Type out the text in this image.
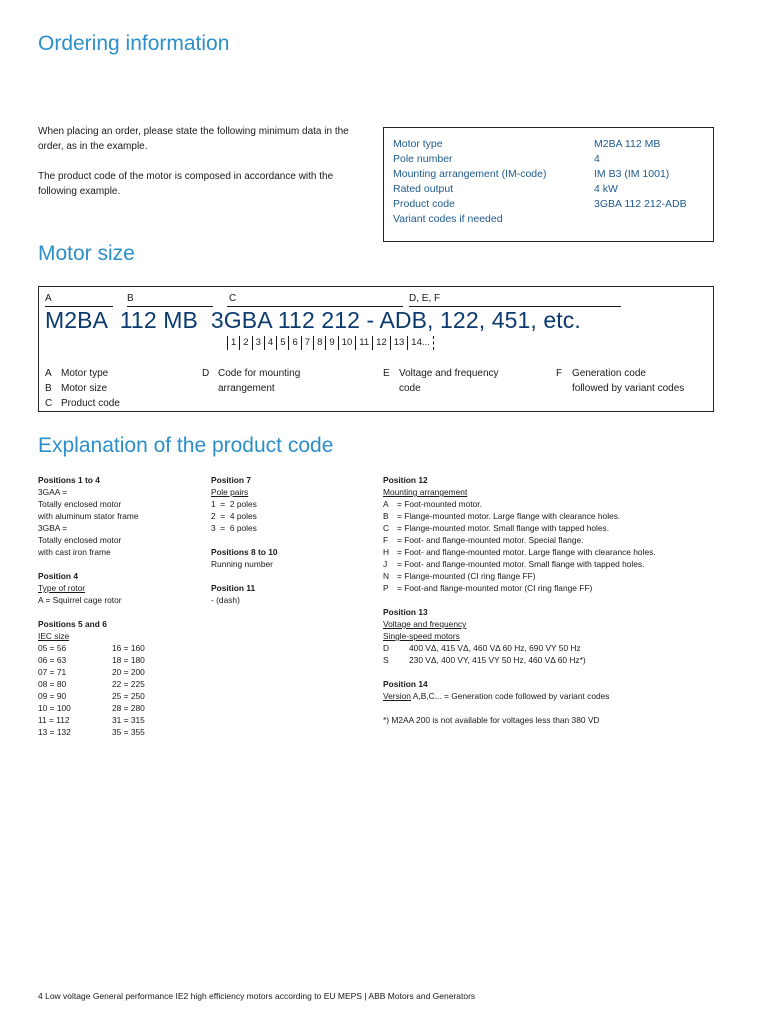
Ordering information

When placing an order, please state the following minimum data in the order, as in the example.

The product code of the motor is composed in accordance with the following example.

Motor type	M2BA 112 MB
Pole number	4
Mounting arrangement (IM-code)	IM B3 (IM 1001)
Rated output	4 kW
Product code	3GBA 112 212-ADB
Variant codes if needed
Motor size
A	B	C	D, E, F
M2BA  112 MB  3GBA 112 212 - ADB, 122, 451, etc.
1 2 3 4 5 6 7 8 9 10 11 12 13 14...
A Motor type
B Motor size
C Product code
D Code for mounting
arrangement
E Voltage and frequency
code
F Generation code
followed by variant codes
Explanation of the product code
Positions 1 to 4
3GAA =
Totally enclosed motor
with aluminum stator frame
3GBA =
Totally enclosed motor
with cast iron frame
Position 4
Type of rotor
A = Squirrel cage rotor
Positions 5 and 6
IEC size
05 = 56	16 = 160
06 = 63	18 = 180
07 = 71	20 = 200
08 = 80	22 = 225
09 = 90	25 = 250
10 = 100	28 = 280
11 = 112	31 = 315
13 = 132	35 = 355
Position 7
Pole pairs
1  =  2 poles
2  =  4 poles
3  =  6 poles
Positions 8 to 10
Running number
Position 11
- (dash)
Position 12
Mounting arrangement
A	= Foot-mounted motor.
B	= Flange-mounted motor. Large flange with clearance holes.
C = Flange-mounted motor. Small flange with tapped holes.
F	= Foot- and flange-mounted motor. Special flange.
H = Foot- and flange-mounted motor. Large flange with clearance holes.
J	= Foot- and flange-mounted motor. Small flange with tapped holes.
N = Flange-mounted (CI ring flange FF)
P	= Foot-and flange-mounted motor (CI ring flange FF)
Position 13
Voltage and frequency
Single-speed motors
D	400 VΔ, 415 VΔ, 460 VΔ 60 Hz, 690 VY 50 Hz
S	230 VΔ, 400 VY, 415 VY 50 Hz, 460 VΔ 60 Hz*)
Position 14
Version A,B,C... = Generation code followed by variant codes
*) M2AA 200 is not available for voltages less than 380 VD
4 Low voltage General performance IE2 high efficiency motors according to EU MEPS | ABB Motors and Generators
